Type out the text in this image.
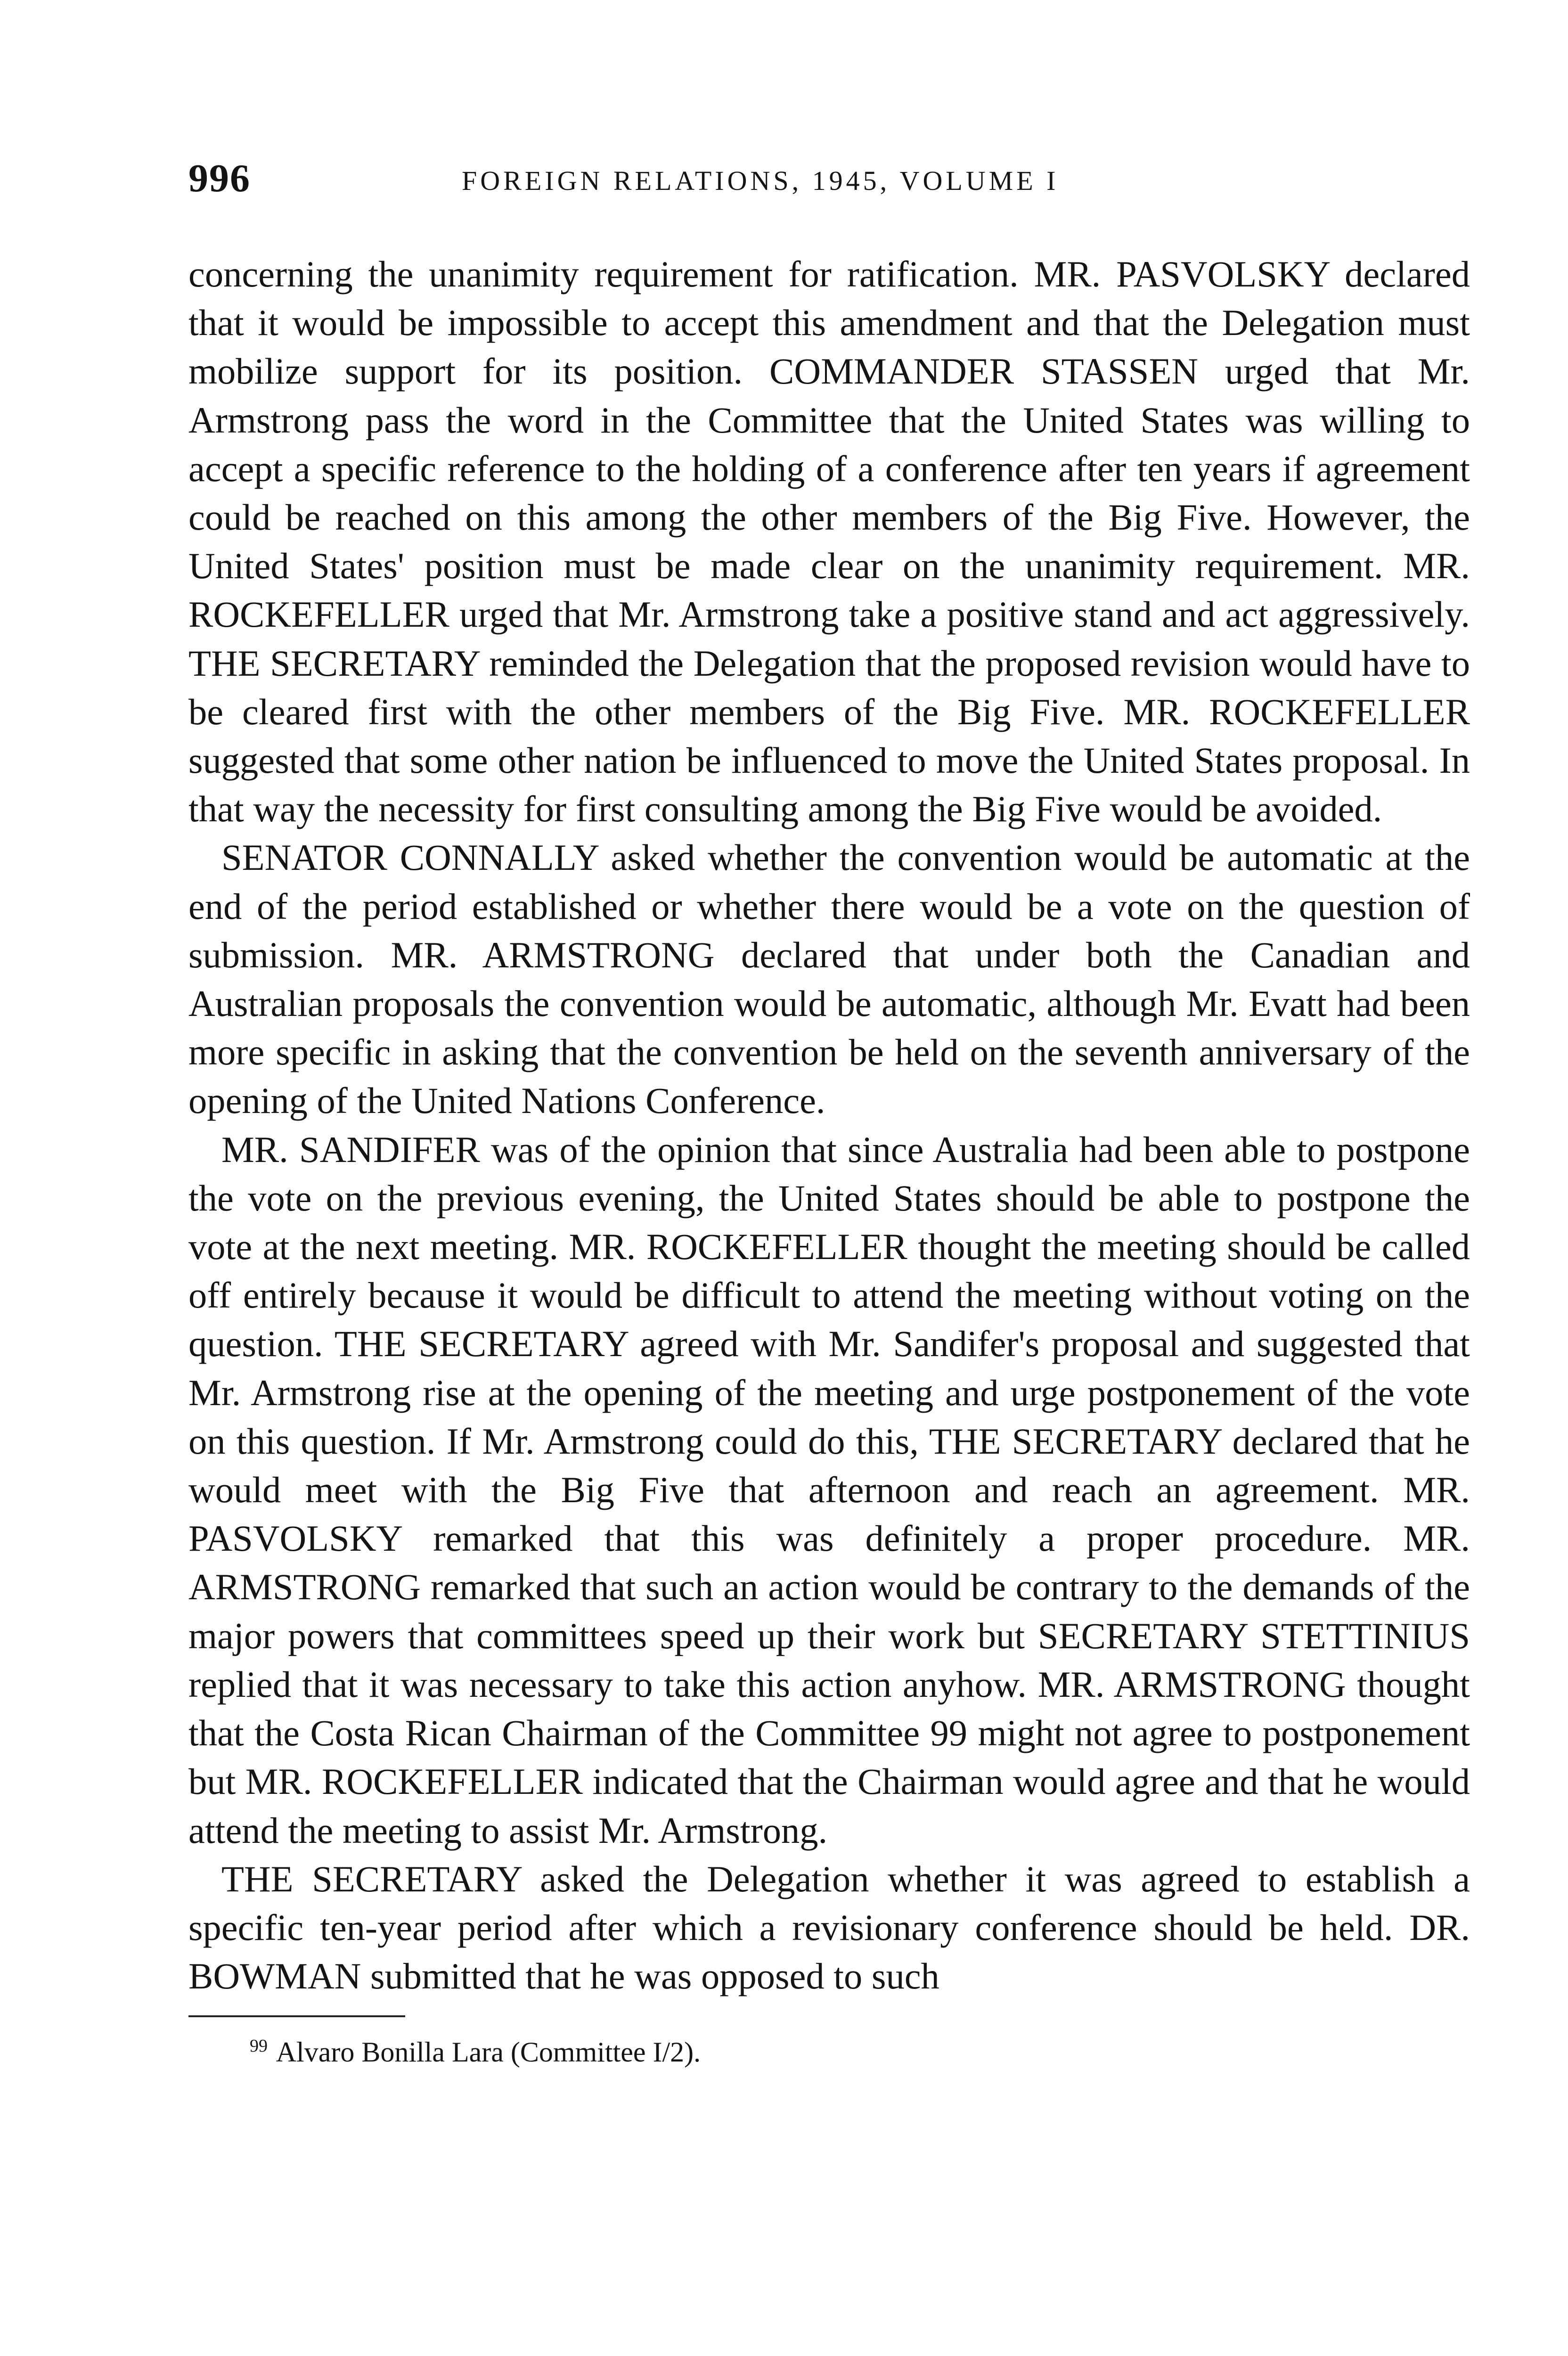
996	FOREIGN RELATIONS, 1945, VOLUME I

concerning the unanimity requirement for ratification. MR. PASVOLSKY declared that it would be impossible to accept this amendment and that the Delegation must mobilize support for its position. COMMANDER STASSEN urged that Mr. Armstrong pass the word in the Committee that the United States was willing to accept a specific reference to the holding of a conference after ten years if agreement could be reached on this among the other members of the Big Five. However, the United States' position must be made clear on the unanimity requirement. MR. ROCKEFELLER urged that Mr. Armstrong take a positive stand and act aggressively. THE SECRETARY reminded the Delegation that the proposed revision would have to be cleared first with the other members of the Big Five. MR. ROCKEFELLER suggested that some other nation be influenced to move the United States proposal. In that way the necessity for first consulting among the Big Five would be avoided.

SENATOR CONNALLY asked whether the convention would be automatic at the end of the period established or whether there would be a vote on the question of submission. MR. ARMSTRONG declared that under both the Canadian and Australian proposals the convention would be automatic, although Mr. Evatt had been more specific in asking that the convention be held on the seventh anniversary of the opening of the United Nations Conference.

MR. SANDIFER was of the opinion that since Australia had been able to postpone the vote on the previous evening, the United States should be able to postpone the vote at the next meeting. MR. ROCKEFELLER thought the meeting should be called off entirely because it would be difficult to attend the meeting without voting on the question. THE SECRETARY agreed with Mr. Sandifer's proposal and suggested that Mr. Armstrong rise at the opening of the meeting and urge postponement of the vote on this question. If Mr. Armstrong could do this, THE SECRETARY declared that he would meet with the Big Five that afternoon and reach an agreement. MR. PASVOLSKY remarked that this was definitely a proper procedure. MR. ARMSTRONG remarked that such an action would be contrary to the demands of the major powers that committees speed up their work but SECRETARY STETTINIUS replied that it was necessary to take this action anyhow. MR. ARMSTRONG thought that the Costa Rican Chairman of the Committee 99 might not agree to postponement but MR. ROCKEFELLER indicated that the Chairman would agree and that he would attend the meeting to assist Mr. Armstrong.

THE SECRETARY asked the Delegation whether it was agreed to establish a specific ten-year period after which a revisionary conference should be held. DR. BOWMAN submitted that he was opposed to such

$^{99}$ Alvaro Bonilla Lara (Committee I/2).
